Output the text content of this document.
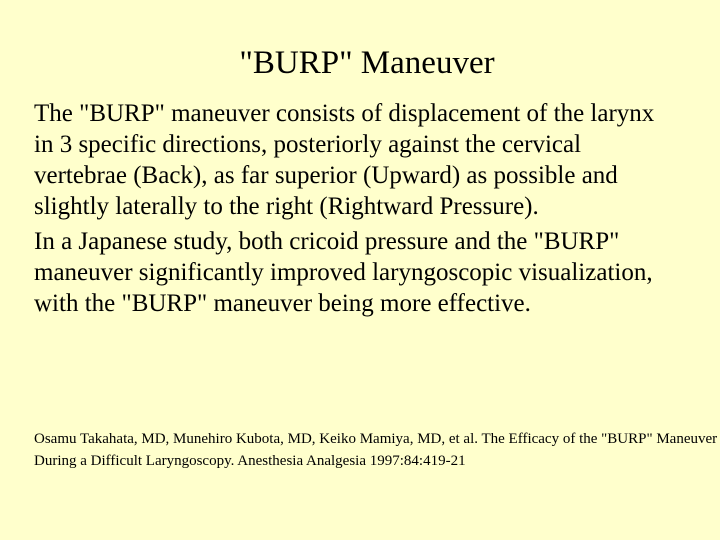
"BURP" Maneuver

The "BURP" maneuver consists of displacement of the larynx in 3 specific directions, posteriorly against the cervical vertebrae (Back), as far superior (Upward) as possible and slightly laterally to the right (Rightward Pressure).

In a Japanese study, both cricoid pressure and the "BURP" maneuver significantly improved laryngoscopic visualization, with the "BURP" maneuver being more effective.

Osamu Takahata, MD, Munehiro Kubota, MD, Keiko Mamiya, MD, et al. The Efficacy of the "BURP" Maneuver During a Difficult Laryngoscopy. Anesthesia Analgesia 1997:84:419-21
